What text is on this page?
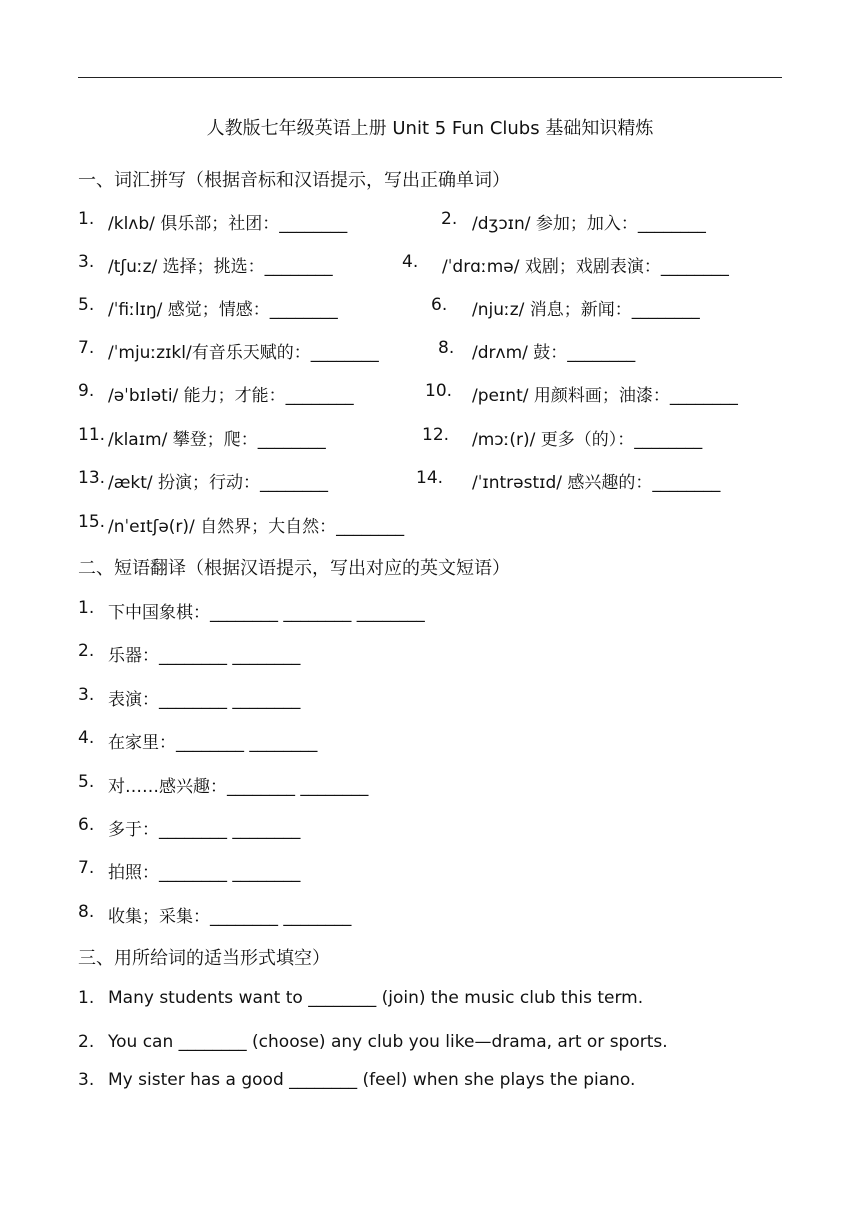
人教版七年级英语上册 Unit 5 Fun Clubs 基础知识精炼
一、词汇拼写（根据音标和汉语提示，写出正确单词）
1. /klʌb/ 俱乐部；社团：________	2. /dʒɔɪn/ 参加；加入：________
3. /tʃuːz/ 选择；挑选：________	4. /ˈdrɑːmə/ 戏剧；戏剧表演：________
5. /ˈfiːlɪŋ/ 感觉；情感：________	6. /njuːz/ 消息；新闻：________
7. /ˈmjuːzɪkl/有音乐天赋的：________	8. /drʌm/ 鼓：________
9. /əˈbɪləti/ 能力；才能：________	10. /peɪnt/ 用颜料画；油漆：________
11. /klaɪm/ 攀登；爬：________	12. /mɔː(r)/ 更多（的）：________
13. /ækt/ 扮演；行动：________	14. /ˈɪntrəstɪd/ 感兴趣的：________
15. /nˈeɪtʃə(r)/ 自然界；大自然：________
二、短语翻译（根据汉语提示，写出对应的英文短语）
1. 下中国象棋：________ ________ ________
2. 乐器：________ ________
3. 表演：________ ________
4. 在家里：________ ________
5. 对……感兴趣：________ ________
6. 多于：________ ________
7. 拍照：________ ________
8. 收集；采集：________ ________
三、用所给词的适当形式填空）
1. Many students want to ________ (join) the music club this term.
2. You can ________ (choose) any club you like—drama, art or sports.
3. My sister has a good ________ (feel) when she plays the piano.
